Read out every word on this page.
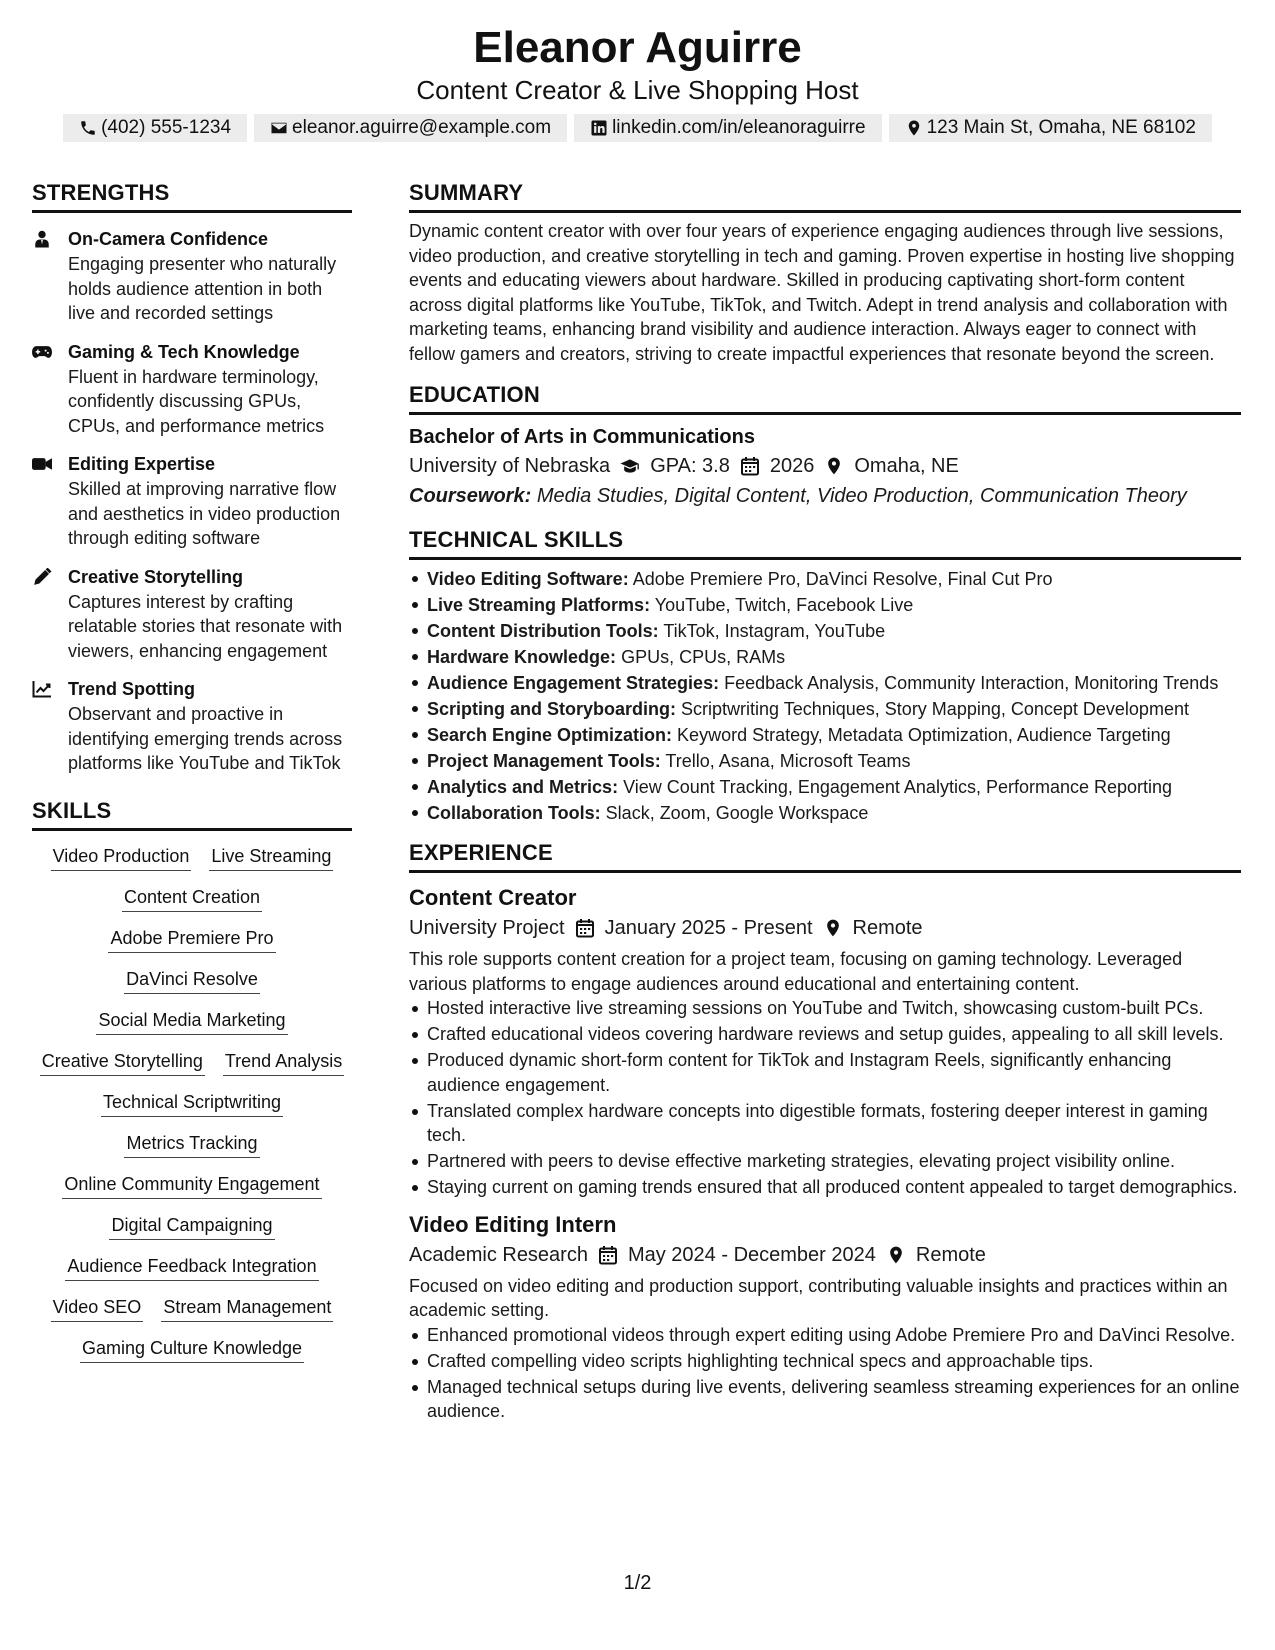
Eleanor Aguirre
Content Creator & Live Shopping Host
(402) 555-1234	eleanor.aguirre@example.com	linkedin.com/in/eleanoraguirre	123 Main St, Omaha, NE 68102
STRENGTHS
On-Camera Confidence
Engaging presenter who naturally holds audience attention in both live and recorded settings
Gaming & Tech Knowledge
Fluent in hardware terminology, confidently discussing GPUs, CPUs, and performance metrics
Editing Expertise
Skilled at improving narrative flow and aesthetics in video production through editing software
Creative Storytelling
Captures interest by crafting relatable stories that resonate with viewers, enhancing engagement
Trend Spotting
Observant and proactive in identifying emerging trends across platforms like YouTube and TikTok
SKILLS
Video Production Live Streaming
Content Creation
Adobe Premiere Pro
DaVinci Resolve
Social Media Marketing
Creative Storytelling Trend Analysis
Technical Scriptwriting
Metrics Tracking
Online Community Engagement
Digital Campaigning
Audience Feedback Integration
Video SEO Stream Management
Gaming Culture Knowledge
SUMMARY
Dynamic content creator with over four years of experience engaging audiences through live sessions, video production, and creative storytelling in tech and gaming. Proven expertise in hosting live shopping events and educating viewers about hardware. Skilled in producing captivating short-form content across digital platforms like YouTube, TikTok, and Twitch. Adept in trend analysis and collaboration with marketing teams, enhancing brand visibility and audience interaction. Always eager to connect with fellow gamers and creators, striving to create impactful experiences that resonate beyond the screen.
EDUCATION
Bachelor of Arts in Communications
University of Nebraska GPA: 3.8 2026 Omaha, NE
Coursework: Media Studies, Digital Content, Video Production, Communication Theory
TECHNICAL SKILLS
Video Editing Software: Adobe Premiere Pro, DaVinci Resolve, Final Cut Pro
Live Streaming Platforms: YouTube, Twitch, Facebook Live
Content Distribution Tools: TikTok, Instagram, YouTube
Hardware Knowledge: GPUs, CPUs, RAMs
Audience Engagement Strategies: Feedback Analysis, Community Interaction, Monitoring Trends
Scripting and Storyboarding: Scriptwriting Techniques, Story Mapping, Concept Development
Search Engine Optimization: Keyword Strategy, Metadata Optimization, Audience Targeting
Project Management Tools: Trello, Asana, Microsoft Teams
Analytics and Metrics: View Count Tracking, Engagement Analytics, Performance Reporting
Collaboration Tools: Slack, Zoom, Google Workspace
EXPERIENCE
Content Creator
University Project January 2025 - Present Remote
This role supports content creation for a project team, focusing on gaming technology. Leveraged various platforms to engage audiences around educational and entertaining content.
Hosted interactive live streaming sessions on YouTube and Twitch, showcasing custom-built PCs.
Crafted educational videos covering hardware reviews and setup guides, appealing to all skill levels.
Produced dynamic short-form content for TikTok and Instagram Reels, significantly enhancing audience engagement.
Translated complex hardware concepts into digestible formats, fostering deeper interest in gaming tech.
Partnered with peers to devise effective marketing strategies, elevating project visibility online.
Staying current on gaming trends ensured that all produced content appealed to target demographics.
Video Editing Intern
Academic Research May 2024 - December 2024 Remote
Focused on video editing and production support, contributing valuable insights and practices within an academic setting.
Enhanced promotional videos through expert editing using Adobe Premiere Pro and DaVinci Resolve.
Crafted compelling video scripts highlighting technical specs and approachable tips.
Managed technical setups during live events, delivering seamless streaming experiences for an online audience.
1/2
